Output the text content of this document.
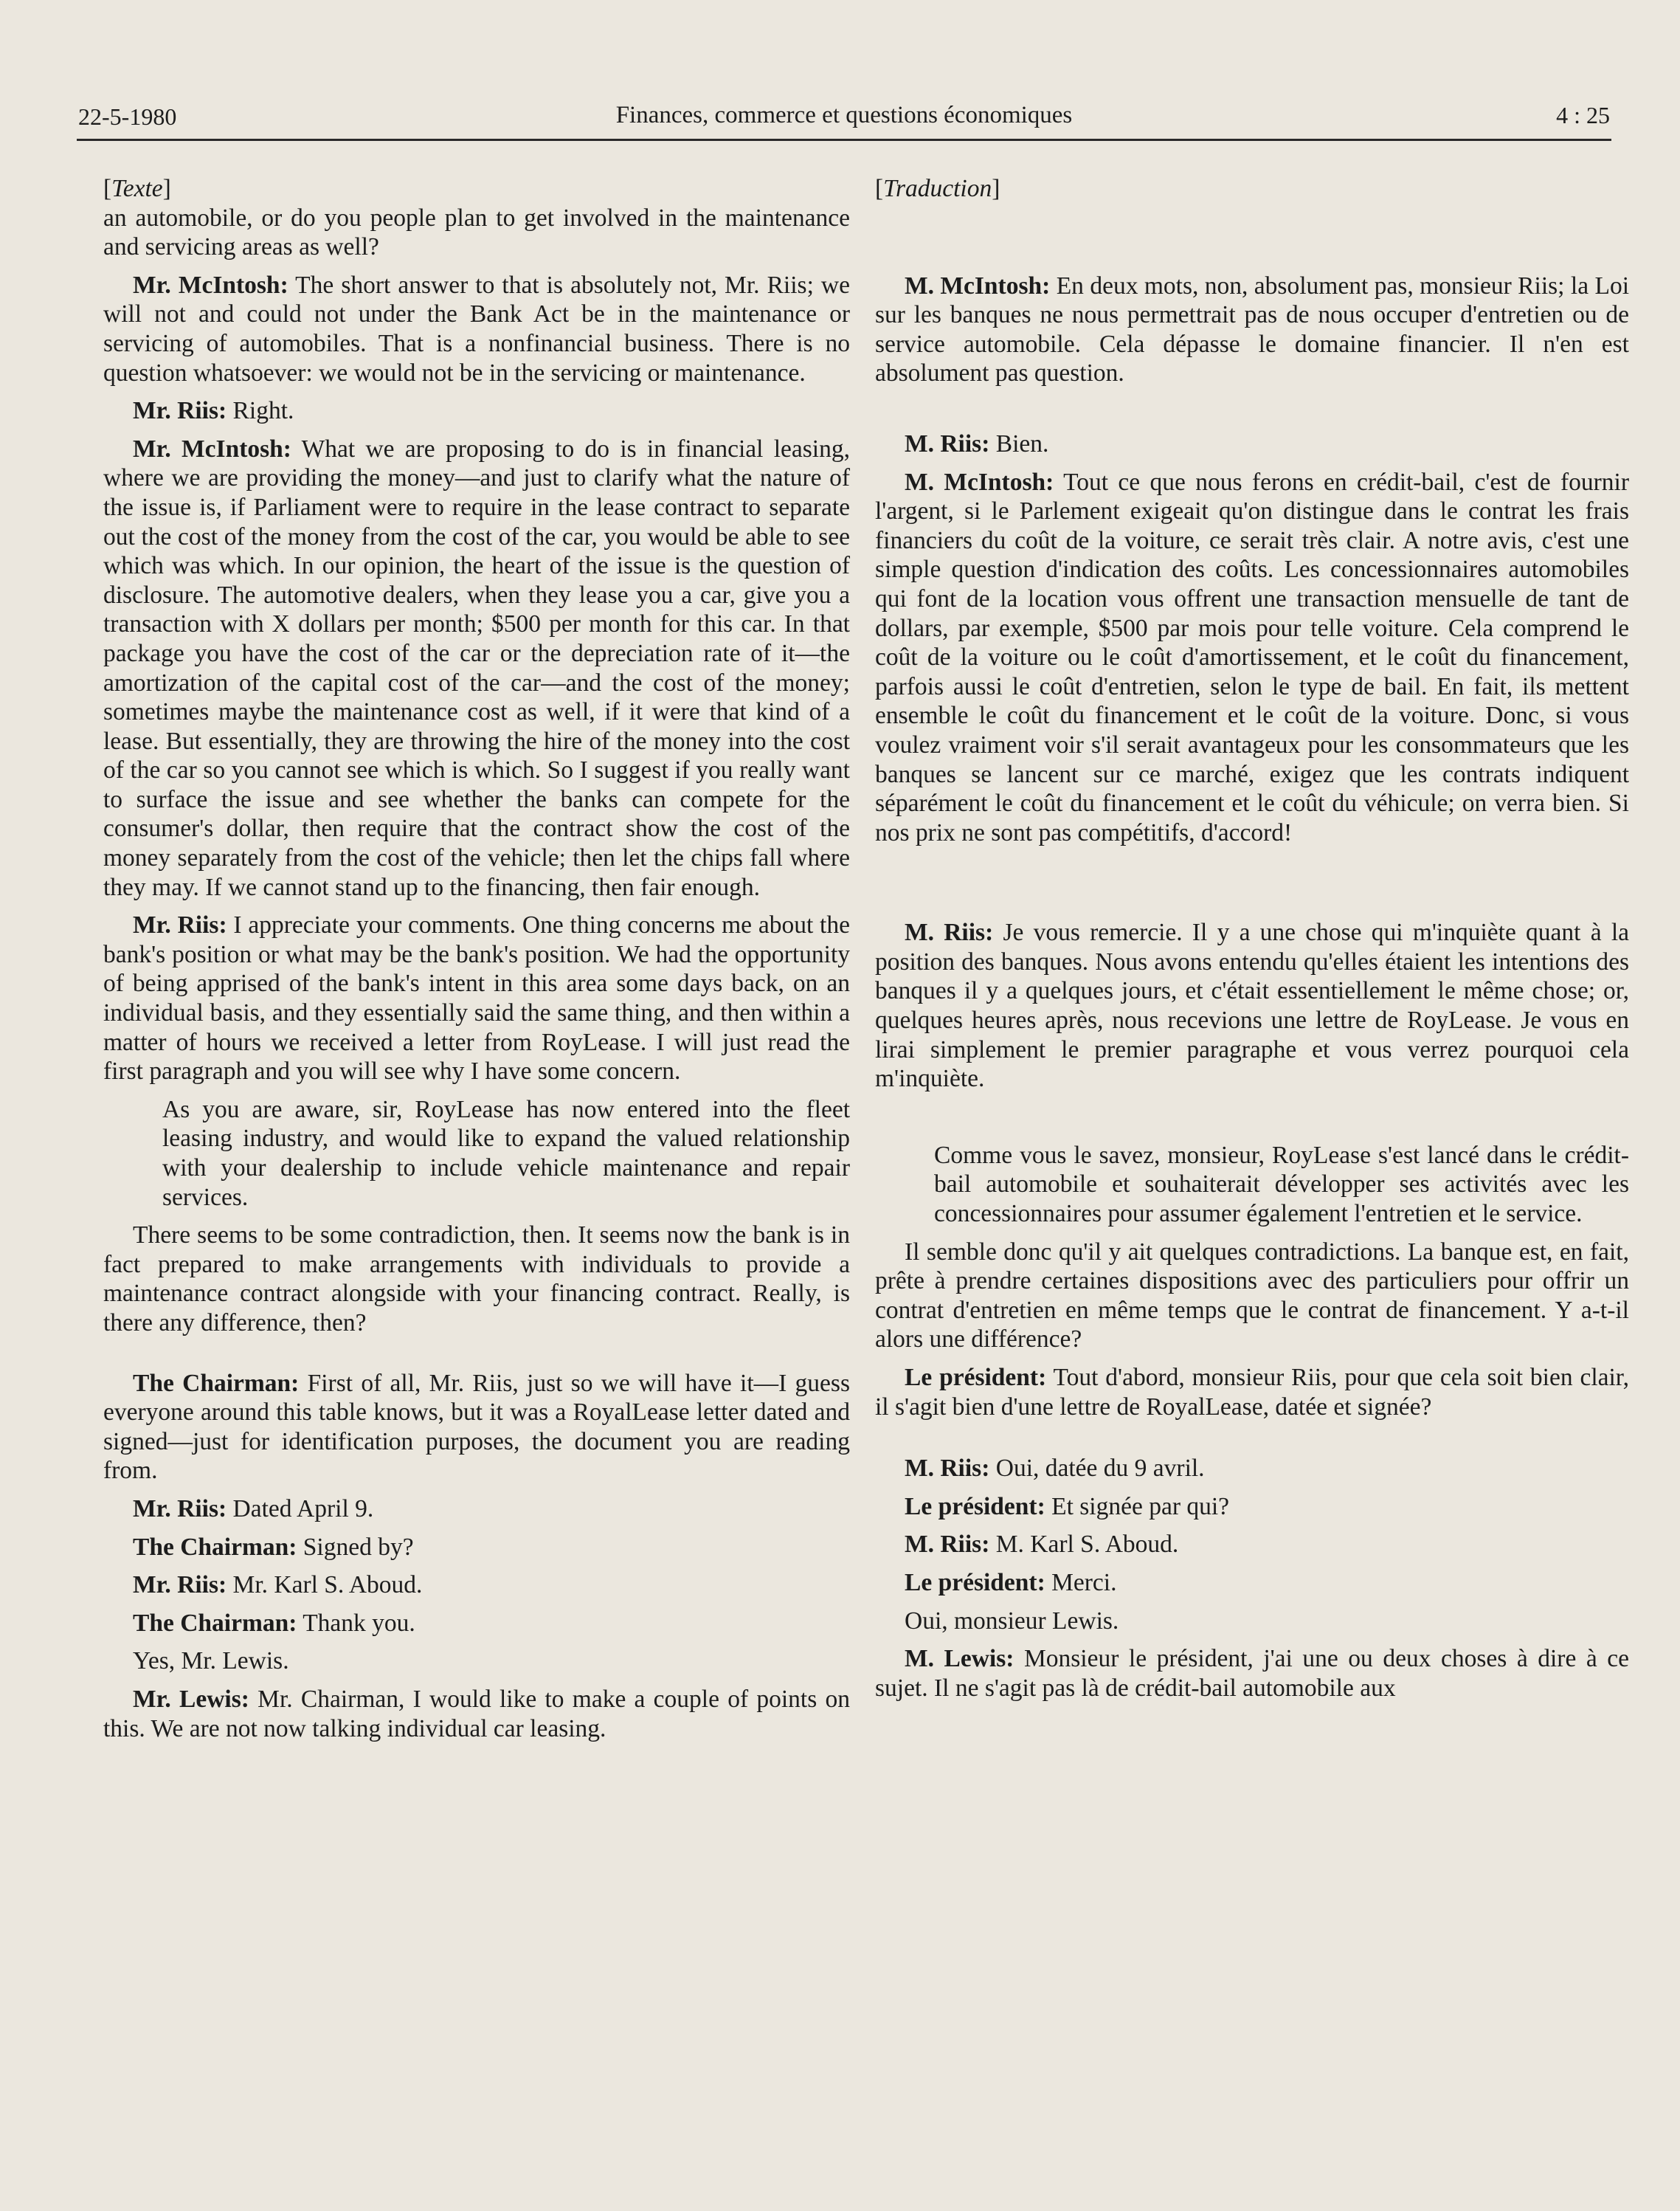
22-5-1980	Finances, commerce et questions économiques	4 : 25

[Texte]

an automobile, or do you people plan to get involved in the maintenance and servicing areas as well?

Mr. McIntosh: The short answer to that is absolutely not, Mr. Riis; we will not and could not under the Bank Act be in the maintenance or servicing of automobiles. That is a nonfinancial business. There is no question whatsoever: we would not be in the servicing or maintenance.

Mr. Riis: Right.

Mr. McIntosh: What we are proposing to do is in financial leasing, where we are providing the money—and just to clarify what the nature of the issue is, if Parliament were to require in the lease contract to separate out the cost of the money from the cost of the car, you would be able to see which was which. In our opinion, the heart of the issue is the question of disclosure. The automotive dealers, when they lease you a car, give you a transaction with X dollars per month; $500 per month for this car. In that package you have the cost of the car or the depreciation rate of it—the amortization of the capital cost of the car—and the cost of the money; sometimes maybe the maintenance cost as well, if it were that kind of a lease. But essentially, they are throwing the hire of the money into the cost of the car so you cannot see which is which. So I suggest if you really want to surface the issue and see whether the banks can compete for the consumer's dollar, then require that the contract show the cost of the money separately from the cost of the vehicle; then let the chips fall where they may. If we cannot stand up to the financing, then fair enough.

Mr. Riis: I appreciate your comments. One thing concerns me about the bank's position or what may be the bank's position. We had the opportunity of being apprised of the bank's intent in this area some days back, on an individual basis, and they essentially said the same thing, and then within a matter of hours we received a letter from RoyLease. I will just read the first paragraph and you will see why I have some concern.

As you are aware, sir, RoyLease has now entered into the fleet leasing industry, and would like to expand the valued relationship with your dealership to include vehicle maintenance and repair services.

There seems to be some contradiction, then. It seems now the bank is in fact prepared to make arrangements with individuals to provide a maintenance contract alongside with your financing contract. Really, is there any difference, then?

The Chairman: First of all, Mr. Riis, just so we will have it—I guess everyone around this table knows, but it was a RoyalLease letter dated and signed—just for identification purposes, the document you are reading from.

Mr. Riis: Dated April 9.

The Chairman: Signed by?

Mr. Riis: Mr. Karl S. Aboud.

The Chairman: Thank you.

Yes, Mr. Lewis.

Mr. Lewis: Mr. Chairman, I would like to make a couple of points on this. We are not now talking individual car leasing.

[Traduction]

M. McIntosh: En deux mots, non, absolument pas, monsieur Riis; la Loi sur les banques ne nous permettrait pas de nous occuper d'entretien ou de service automobile. Cela dépasse le domaine financier. Il n'en est absolument pas question.

M. Riis: Bien.

M. McIntosh: Tout ce que nous ferons en crédit-bail, c'est de fournir l'argent, si le Parlement exigeait qu'on distingue dans le contrat les frais financiers du coût de la voiture, ce serait très clair. A notre avis, c'est une simple question d'indication des coûts. Les concessionnaires automobiles qui font de la location vous offrent une transaction mensuelle de tant de dollars, par exemple, $500 par mois pour telle voiture. Cela comprend le coût de la voiture ou le coût d'amortissement, et le coût du financement, parfois aussi le coût d'entretien, selon le type de bail. En fait, ils mettent ensemble le coût du financement et le coût de la voiture. Donc, si vous voulez vraiment voir s'il serait avantageux pour les consommateurs que les banques se lancent sur ce marché, exigez que les contrats indiquent séparément le coût du financement et le coût du véhicule; on verra bien. Si nos prix ne sont pas compétitifs, d'accord!

M. Riis: Je vous remercie. Il y a une chose qui m'inquiète quant à la position des banques. Nous avons entendu qu'elles étaient les intentions des banques il y a quelques jours, et c'était essentiellement le même chose; or, quelques heures après, nous recevions une lettre de RoyLease. Je vous en lirai simplement le premier paragraphe et vous verrez pourquoi cela m'inquiète.

Comme vous le savez, monsieur, RoyLease s'est lancé dans le crédit-bail automobile et souhaiterait développer ses activités avec les concessionnaires pour assumer également l'entretien et le service.

Il semble donc qu'il y ait quelques contradictions. La banque est, en fait, prête à prendre certaines dispositions avec des particuliers pour offrir un contrat d'entretien en même temps que le contrat de financement. Y a-t-il alors une différence?

Le président: Tout d'abord, monsieur Riis, pour que cela soit bien clair, il s'agit bien d'une lettre de RoyalLease, datée et signée?

M. Riis: Oui, datée du 9 avril.

Le président: Et signée par qui?

M. Riis: M. Karl S. Aboud.

Le président: Merci.

Oui, monsieur Lewis.

M. Lewis: Monsieur le président, j'ai une ou deux choses à dire à ce sujet. Il ne s'agit pas là de crédit-bail automobile aux
